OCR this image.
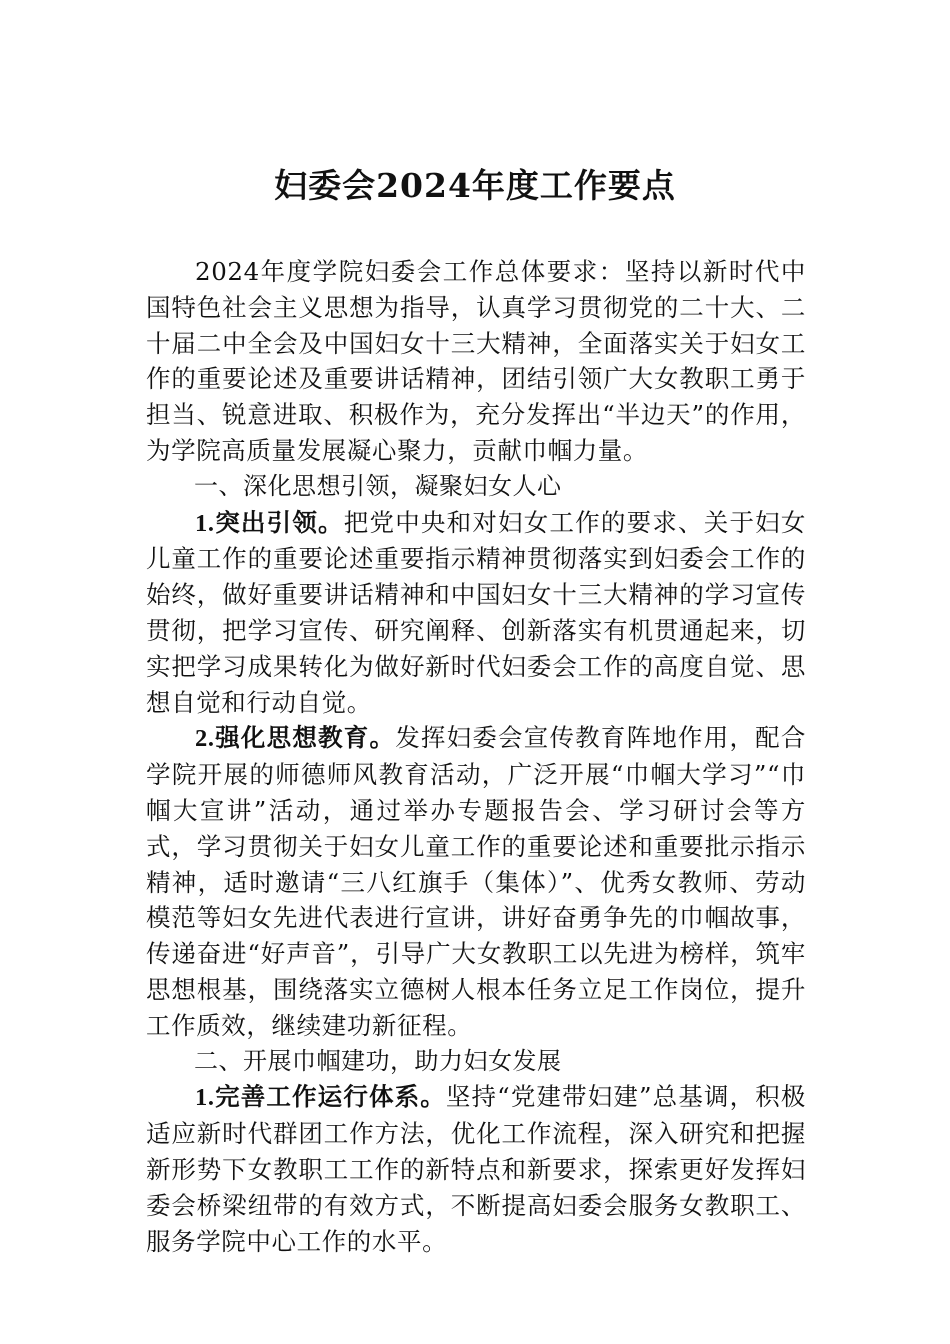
妇委会2024年度工作要点

2024年度学院妇委会工作总体要求：坚持以新时代中国特色社会主义思想为指导，认真学习贯彻党的二十大、二十届二中全会及中国妇女十三大精神，全面落实关于妇女工作的重要论述及重要讲话精神，团结引领广大女教职工勇于担当、锐意进取、积极作为，充分发挥出“半边天”的作用，为学院高质量发展凝心聚力，贡献巾帼力量。

一、深化思想引领，凝聚妇女人心

1.突出引领。把党中央和对妇女工作的要求、关于妇女儿童工作的重要论述重要指示精神贯彻落实到妇委会工作的始终，做好重要讲话精神和中国妇女十三大精神的学习宣传贯彻，把学习宣传、研究阐释、创新落实有机贯通起来，切实把学习成果转化为做好新时代妇委会工作的高度自觉、思想自觉和行动自觉。

2.强化思想教育。发挥妇委会宣传教育阵地作用，配合学院开展的师德师风教育活动，广泛开展“巾帼大学习”“巾帼大宣讲”活动，通过举办专题报告会、学习研讨会等方式，学习贯彻关于妇女儿童工作的重要论述和重要批示指示精神，适时邀请“三八红旗手（集体）”、优秀女教师、劳动模范等妇女先进代表进行宣讲，讲好奋勇争先的巾帼故事，传递奋进“好声音”，引导广大女教职工以先进为榜样，筑牢思想根基，围绕落实立德树人根本任务立足工作岗位，提升工作质效，继续建功新征程。

二、开展巾帼建功，助力妇女发展

1.完善工作运行体系。坚持“党建带妇建”总基调，积极适应新时代群团工作方法，优化工作流程，深入研究和把握新形势下女教职工工作的新特点和新要求，探索更好发挥妇委会桥梁纽带的有效方式，不断提高妇委会服务女教职工、服务学院中心工作的水平。
